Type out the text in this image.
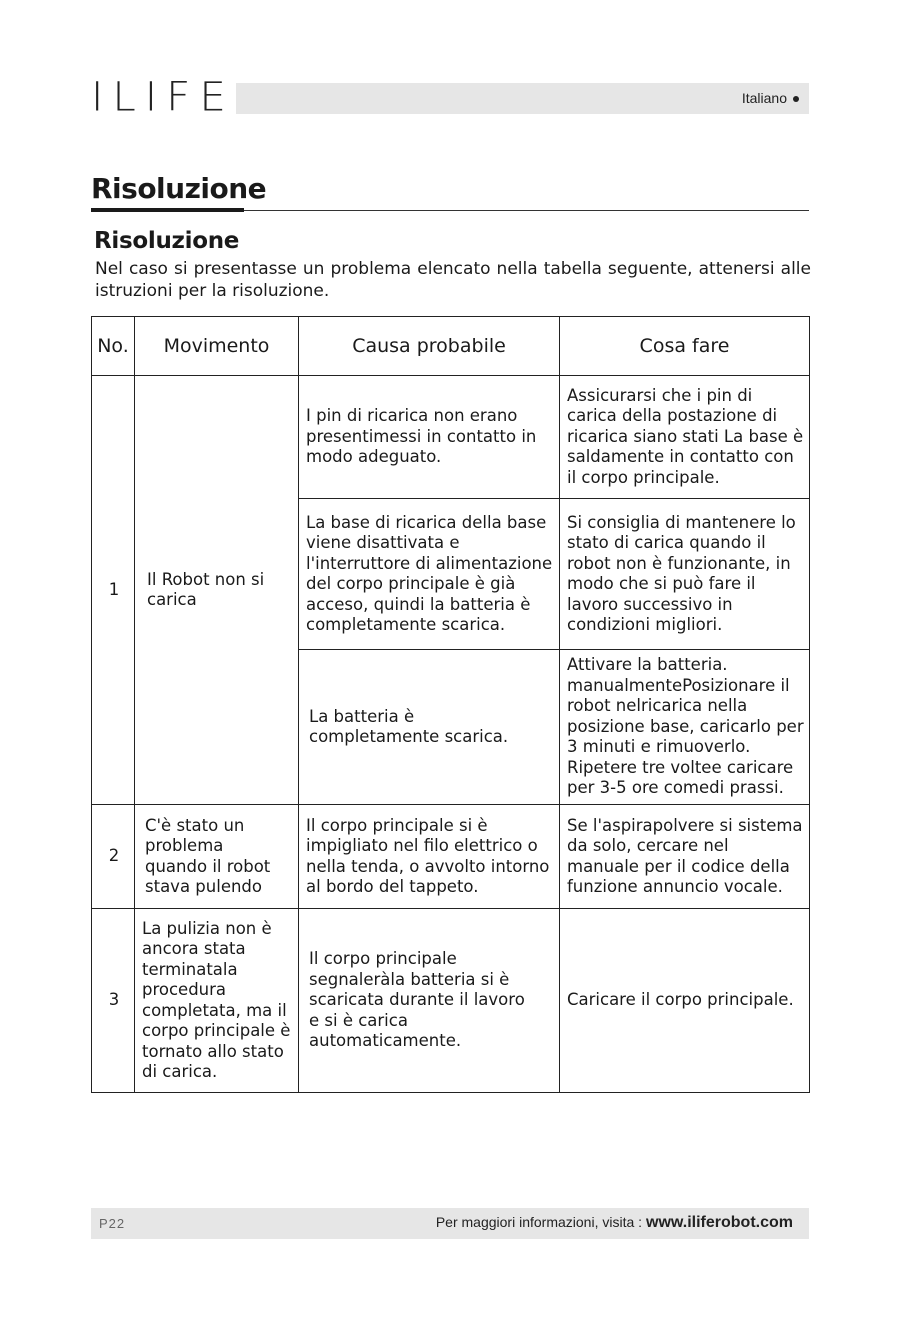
ILIFE	Italiano
Risoluzione
Risoluzione
Nel caso si presentasse un problema elencato nella tabella seguente, attenersi alle istruzioni per la risoluzione.
No.	Movimento	Causa probabile	Cosa fare
1	Il Robot non si carica	I pin di ricarica non erano presentimessi in contatto in modo adeguato.	Assicurarsi che i pin di carica della postazione di ricarica siano stati La base è saldamente in contatto con il corpo principale.
		La base di ricarica della base viene disattivata e l'interruttore di alimentazione del corpo principale è già acceso, quindi la batteria è completamente scarica.	Si consiglia di mantenere lo stato di carica quando il robot non è funzionante, in modo che si può fare il lavoro successivo in condizioni migliori.
		La batteria è completamente scarica.	Attivare la batteria. manualmentePosizionare il robot nelricarica nella posizione base, caricarlo per 3 minuti e rimuoverlo. Ripetere tre voltee caricare per 3-5 ore comedi prassi.
2	C'è stato un problema quando il robot stava pulendo	Il corpo principale si è impigliato nel filo elettrico o nella tenda, o avvolto intorno al bordo del tappeto.	Se l'aspirapolvere si sistema da solo, cercare nel manuale per il codice della funzione annuncio vocale.
3	La pulizia non è ancora stata terminatala procedura completata, ma il corpo principale è tornato allo stato di carica.	Il corpo principale segnaleràla batteria si è scaricata durante il lavoro e si è carica automaticamente.	Caricare il corpo principale.
P22	Per maggiori informazioni, visita : www.iliferobot.com
